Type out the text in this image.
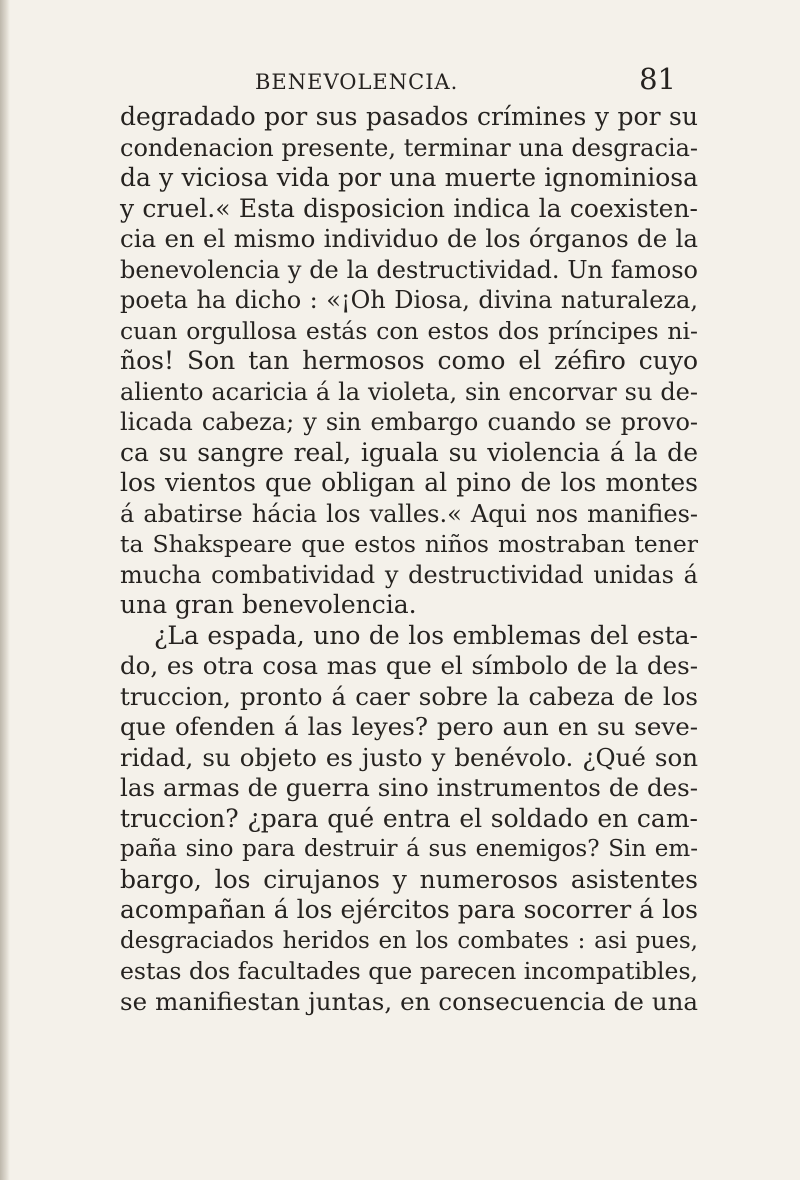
BENEVOLENCIA.	81
degradado por sus pasados crímines y por su
condenacion presente, terminar una desgracia-
da y viciosa vida por una muerte ignominiosa
y cruel.« Esta disposicion indica la coexisten-
cia en el mismo individuo de los órganos de la
benevolencia y de la destructividad. Un famoso
poeta ha dicho : «¡Oh Diosa, divina naturaleza,
cuan orgullosa estás con estos dos príncipes ni-
ños! Son tan hermosos como el zéfiro cuyo
aliento acaricia á la violeta, sin encorvar su de-
licada cabeza; y sin embargo cuando se provo-
ca su sangre real, iguala su violencia á la de
los vientos que obligan al pino de los montes
á abatirse hácia los valles.« Aqui nos manifies-
ta Shakspeare que estos niños mostraban tener
mucha combatividad y destructividad unidas á
una gran benevolencia.
¿La espada, uno de los emblemas del esta-
do, es otra cosa mas que el símbolo de la des-
truccion, pronto á caer sobre la cabeza de los
que ofenden á las leyes? pero aun en su seve-
ridad, su objeto es justo y benévolo. ¿Qué son
las armas de guerra sino instrumentos de des-
truccion? ¿para qué entra el soldado en cam-
paña sino para destruir á sus enemigos? Sin em-
bargo, los cirujanos y numerosos asistentes
acompañan á los ejércitos para socorrer á los
desgraciados heridos en los combates : asi pues,
estas dos facultades que parecen incompatibles,
se manifiestan juntas, en consecuencia de una
